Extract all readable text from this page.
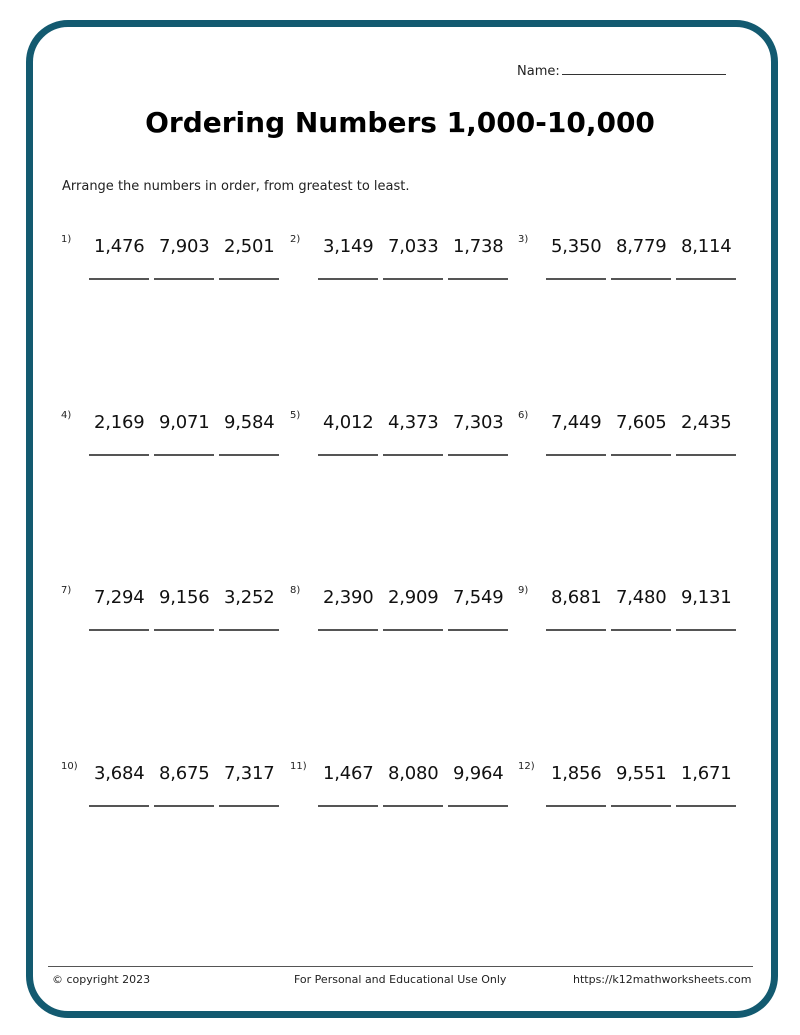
Name:
Ordering Numbers 1,000-10,000
Arrange the numbers in order, from greatest to least.
1) 1,476 7,903 2,501	2) 3,149 7,033 1,738	3) 5,350 8,779 8,114
4) 2,169 9,071 9,584	5) 4,012 4,373 7,303	6) 7,449 7,605 2,435
7) 7,294 9,156 3,252	8) 2,390 2,909 7,549	9) 8,681 7,480 9,131
10) 3,684 8,675 7,317	11) 1,467 8,080 9,964	12) 1,856 9,551 1,671
© copyright 2023	For Personal and Educational Use Only	https://k12mathworksheets.com
